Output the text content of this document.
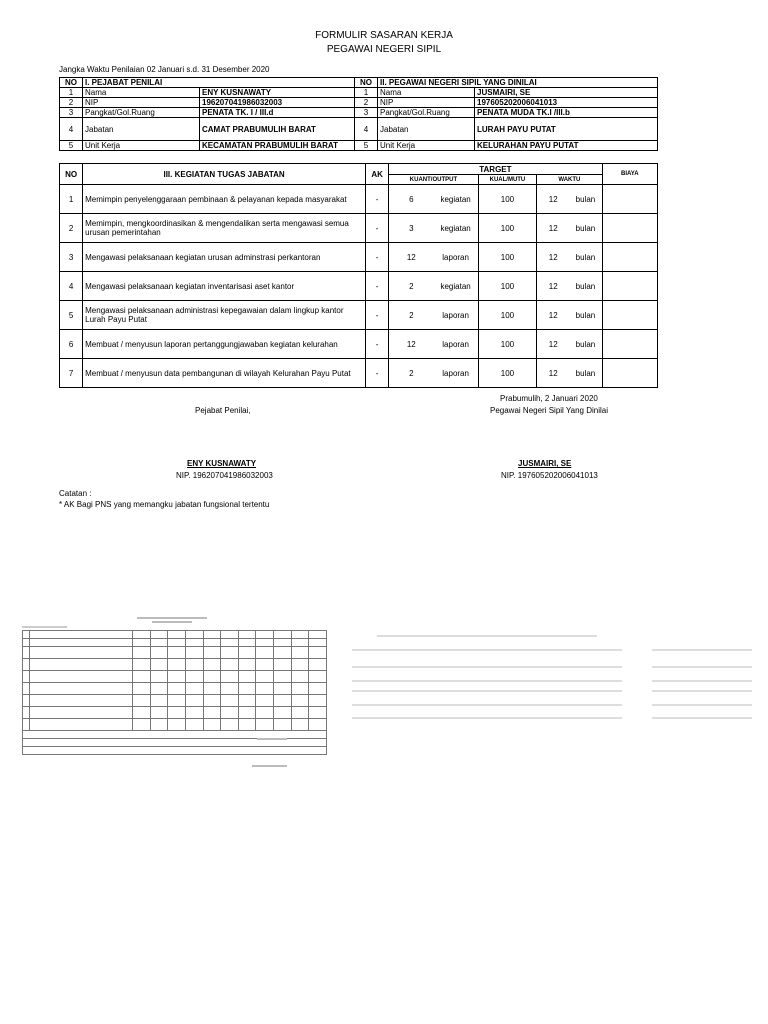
FORMULIR SASARAN KERJA
PEGAWAI NEGERI SIPIL
Jangka Waktu Penilaian 02 Januari s.d. 31 Desember 2020
NO	I. PEJABAT PENILAI		NO	II. PEGAWAI NEGERI SIPIL YANG DINILAI	
1	Nama	ENY KUSNAWATY	1	Nama	JUSMAIRI, SE
2	NIP	196207041986032003	2	NIP	197605202006041013
3	Pangkat/Gol.Ruang	PENATA TK. I / III.d	3	Pangkat/Gol.Ruang	PENATA MUDA TK.I /III.b
4	Jabatan	CAMAT PRABUMULIH BARAT	4	Jabatan	LURAH PAYU PUTAT
5	Unit Kerja	KECAMATAN PRABUMULIH BARAT	5	Unit Kerja	KELURAHAN PAYU PUTAT
NO	III. KEGIATAN TUGAS JABATAN	AK	TARGET					BIAYA
			KUANT/OUTPUT		KUAL/MUTU	WAKTU		
1	Memimpin penyelenggaraan pembinaan & pelayanan kepada masyarakat	-	6	kegiatan	100	12	bulan	
2	Memimpin, mengkoordinasikan & mengendalikan serta mengawasi semua urusan pemerintahan	-	3	kegiatan	100	12	bulan	
3	Mengawasi pelaksanaan kegiatan urusan adminstrasi perkantoran	-	12	laporan	100	12	bulan	
4	Mengawasi pelaksanaan kegiatan inventarisasi aset kantor	-	2	kegiatan	100	12	bulan	
5	Mengawasi pelaksanaan administrasi kepegawaian dalam lingkup kantor Lurah Payu Putat	-	2	laporan	100	12	bulan	
6	Membuat / menyusun laporan pertanggungjawaban kegiatan kelurahan	-	12	laporan	100	12	bulan	
7	Membuat / menyusun data pembangunan di wilayah Kelurahan Payu Putat	-	2	laporan	100	12	bulan	
Prabumulih, 2 Januari 2020
Pejabat Penilai,	Pegawai Negeri Sipil Yang Dinilai
ENY KUSNAWATY
NIP. 196207041986032003
JUSMAIRI, SE
NIP. 197605202006041013
Catatan :
* AK Bagi PNS yang memangku jabatan fungsional tertentu
